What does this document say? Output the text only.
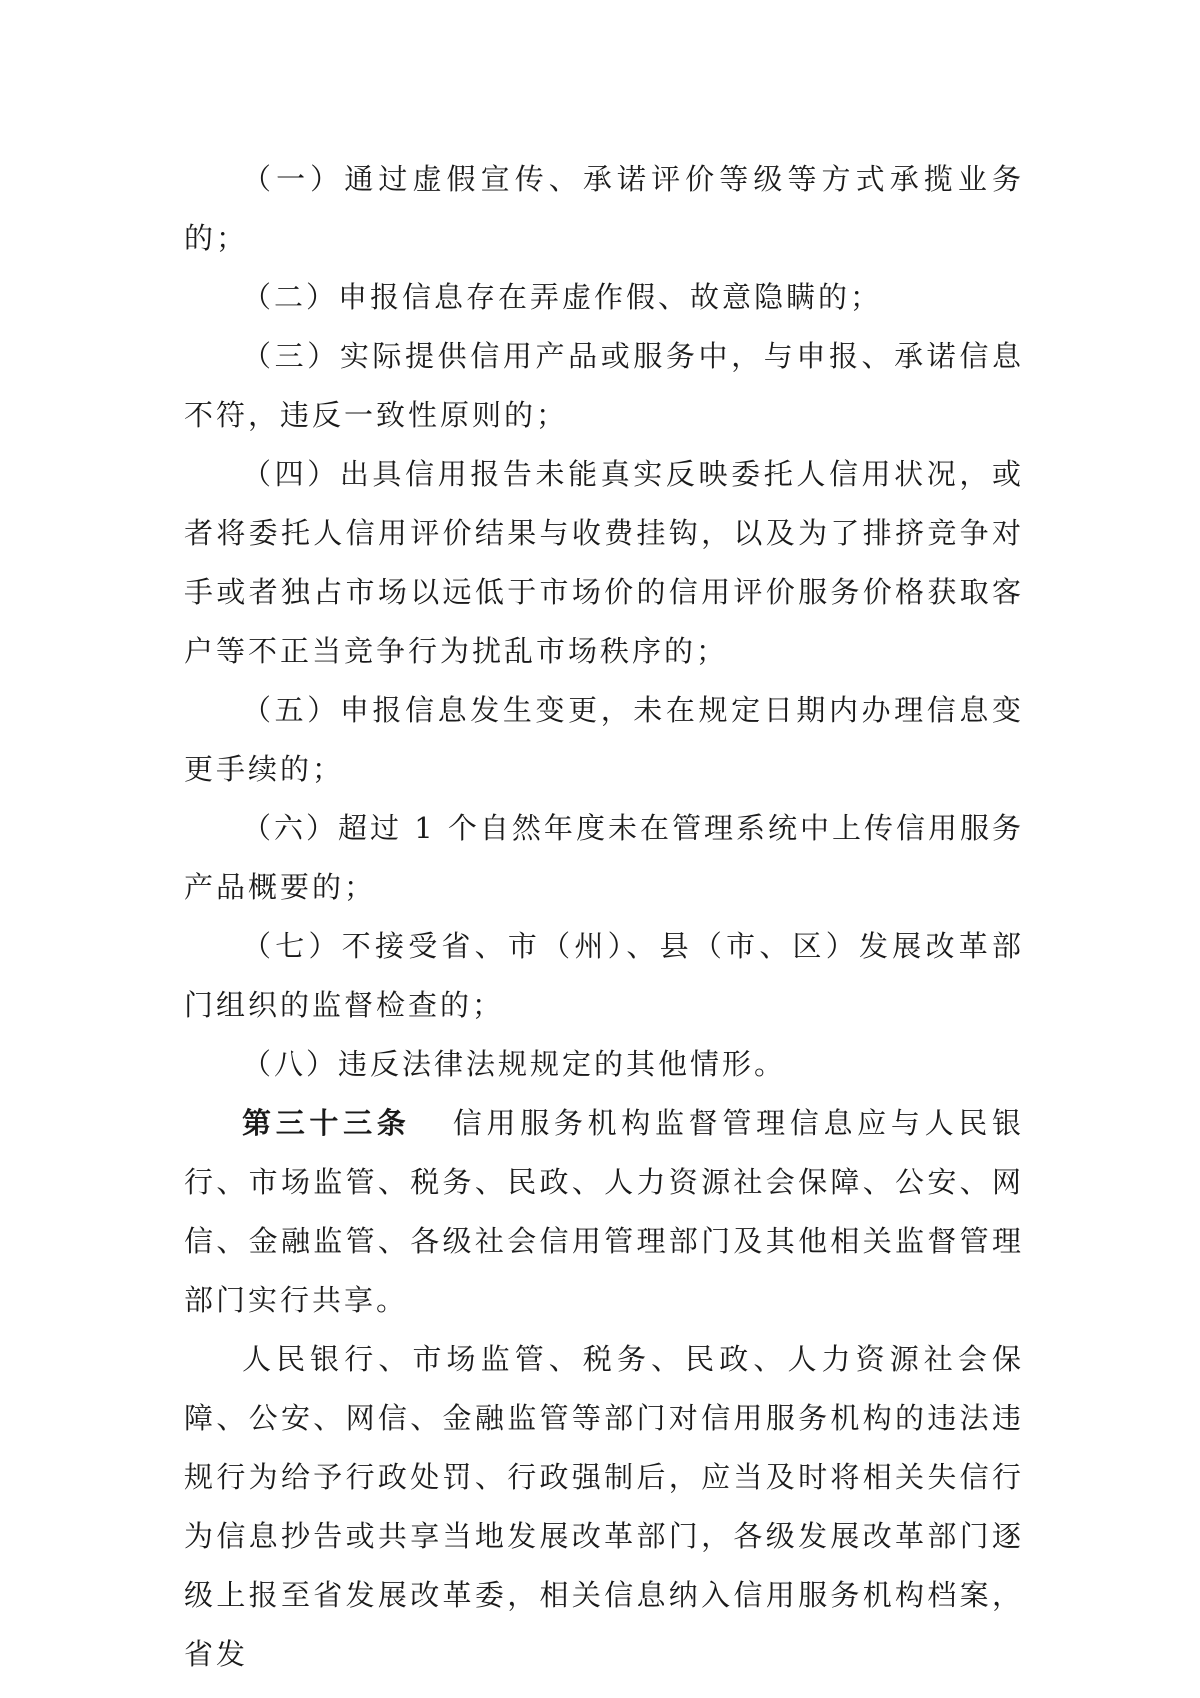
（一）通过虚假宣传、承诺评价等级等方式承揽业务的；

（二）申报信息存在弄虚作假、故意隐瞒的；

（三）实际提供信用产品或服务中，与申报、承诺信息不符，违反一致性原则的；

（四）出具信用报告未能真实反映委托人信用状况，或者将委托人信用评价结果与收费挂钩，以及为了排挤竞争对手或者独占市场以远低于市场价的信用评价服务价格获取客户等不正当竞争行为扰乱市场秩序的；

（五）申报信息发生变更，未在规定日期内办理信息变更手续的；

（六）超过 1 个自然年度未在管理系统中上传信用服务产品概要的；

（七）不接受省、市（州）、县（市、区）发展改革部门组织的监督检查的；

（八）违反法律法规规定的其他情形。

第三十三条 信用服务机构监督管理信息应与人民银行、市场监管、税务、民政、人力资源社会保障、公安、网信、金融监管、各级社会信用管理部门及其他相关监督管理部门实行共享。

人民银行、市场监管、税务、民政、人力资源社会保障、公安、网信、金融监管等部门对信用服务机构的违法违规行为给予行政处罚、行政强制后，应当及时将相关失信行为信息抄告或共享当地发展改革部门，各级发展改革部门逐级上报至省发展改革委，相关信息纳入信用服务机构档案，省发
